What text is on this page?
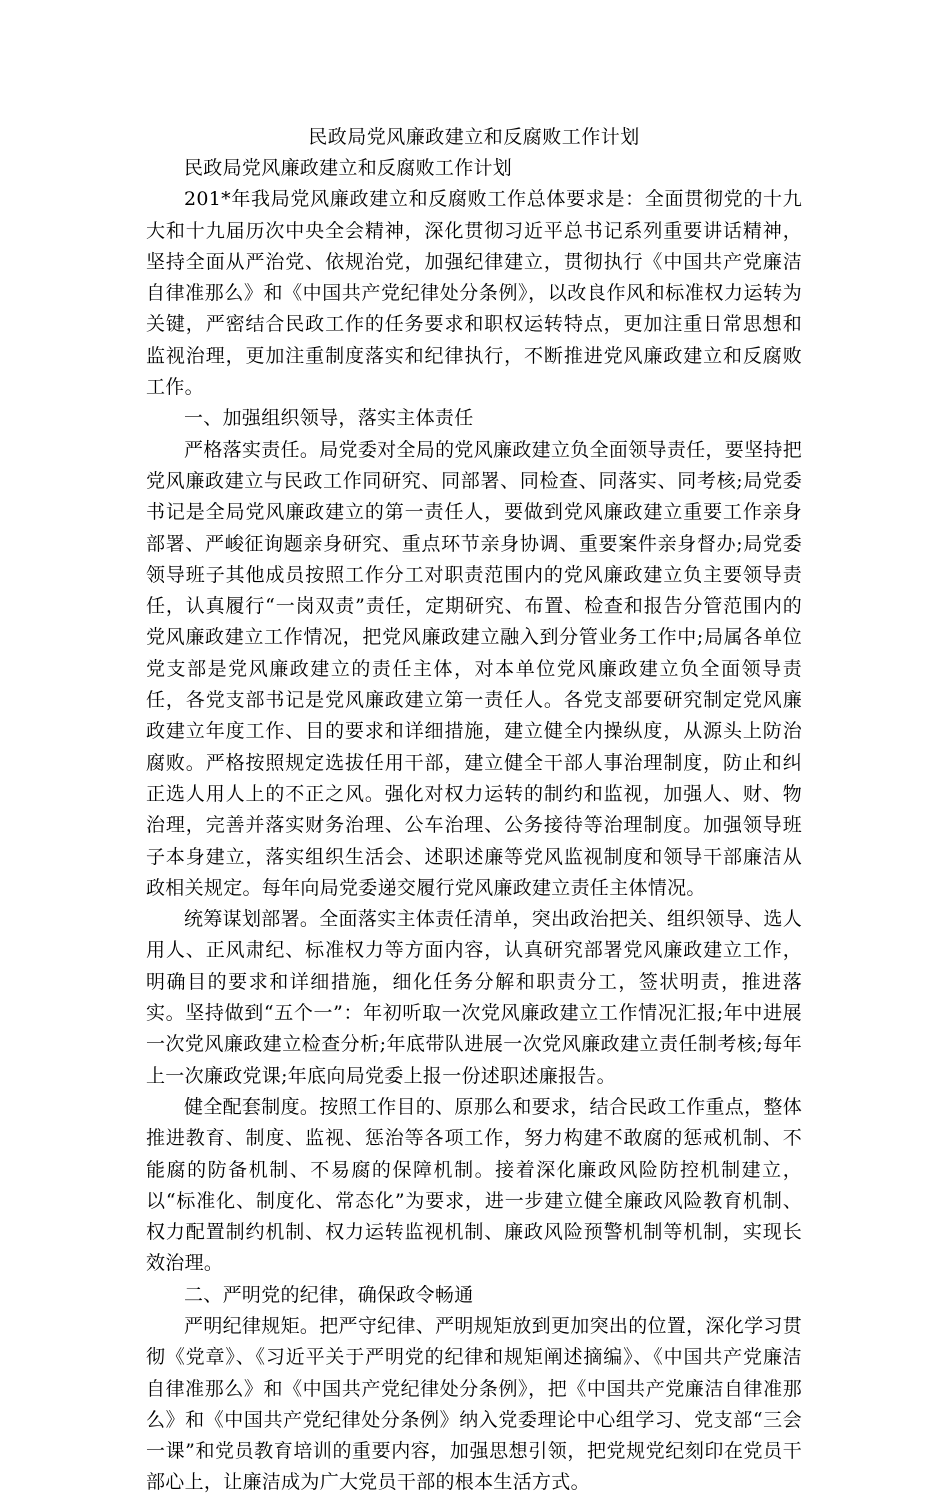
民政局党风廉政建立和反腐败工作计划

民政局党风廉政建立和反腐败工作计划

201*年我局党风廉政建立和反腐败工作总体要求是：全面贯彻党的十九大和十九届历次中央全会精神，深化贯彻习近平总书记系列重要讲话精神，坚持全面从严治党、依规治党，加强纪律建立，贯彻执行《中国共产党廉洁自律准那么》和《中国共产党纪律处分条例》，以改良作风和标准权力运转为关键，严密结合民政工作的任务要求和职权运转特点，更加注重日常思想和监视治理，更加注重制度落实和纪律执行，不断推进党风廉政建立和反腐败工作。

一、加强组织领导，落实主体责任

严格落实责任。局党委对全局的党风廉政建立负全面领导责任，要坚持把党风廉政建立与民政工作同研究、同部署、同检查、同落实、同考核;局党委书记是全局党风廉政建立的第一责任人，要做到党风廉政建立重要工作亲身部署、严峻征询题亲身研究、重点环节亲身协调、重要案件亲身督办;局党委领导班子其他成员按照工作分工对职责范围内的党风廉政建立负主要领导责任，认真履行“一岗双责”责任，定期研究、布置、检查和报告分管范围内的党风廉政建立工作情况，把党风廉政建立融入到分管业务工作中;局属各单位党支部是党风廉政建立的责任主体，对本单位党风廉政建立负全面领导责任，各党支部书记是党风廉政建立第一责任人。各党支部要研究制定党风廉政建立年度工作、目的要求和详细措施，建立健全内操纵度，从源头上防治腐败。严格按照规定选拔任用干部，建立健全干部人事治理制度，防止和纠正选人用人上的不正之风。强化对权力运转的制约和监视，加强人、财、物治理，完善并落实财务治理、公车治理、公务接待等治理制度。加强领导班子本身建立，落实组织生活会、述职述廉等党风监视制度和领导干部廉洁从政相关规定。每年向局党委递交履行党风廉政建立责任主体情况。

统筹谋划部署。全面落实主体责任清单，突出政治把关、组织领导、选人用人、正风肃纪、标准权力等方面内容，认真研究部署党风廉政建立工作，明确目的要求和详细措施，细化任务分解和职责分工，签状明责，推进落实。坚持做到“五个一”：年初听取一次党风廉政建立工作情况汇报;年中进展一次党风廉政建立检查分析;年底带队进展一次党风廉政建立责任制考核;每年上一次廉政党课;年底向局党委上报一份述职述廉报告。

健全配套制度。按照工作目的、原那么和要求，结合民政工作重点，整体推进教育、制度、监视、惩治等各项工作，努力构建不敢腐的惩戒机制、不能腐的防备机制、不易腐的保障机制。接着深化廉政风险防控机制建立，以“标准化、制度化、常态化”为要求，进一步建立健全廉政风险教育机制、权力配置制约机制、权力运转监视机制、廉政风险预警机制等机制，实现长效治理。

二、严明党的纪律，确保政令畅通

严明纪律规矩。把严守纪律、严明规矩放到更加突出的位置，深化学习贯彻《党章》、《习近平关于严明党的纪律和规矩阐述摘编》、《中国共产党廉洁自律准那么》和《中国共产党纪律处分条例》，把《中国共产党廉洁自律准那么》和《中国共产党纪律处分条例》纳入党委理论中心组学习、党支部“三会一课”和党员教育培训的重要内容，加强思想引领，把党规党纪刻印在党员干部心上，让廉洁成为广大党员干部的根本生活方式。
